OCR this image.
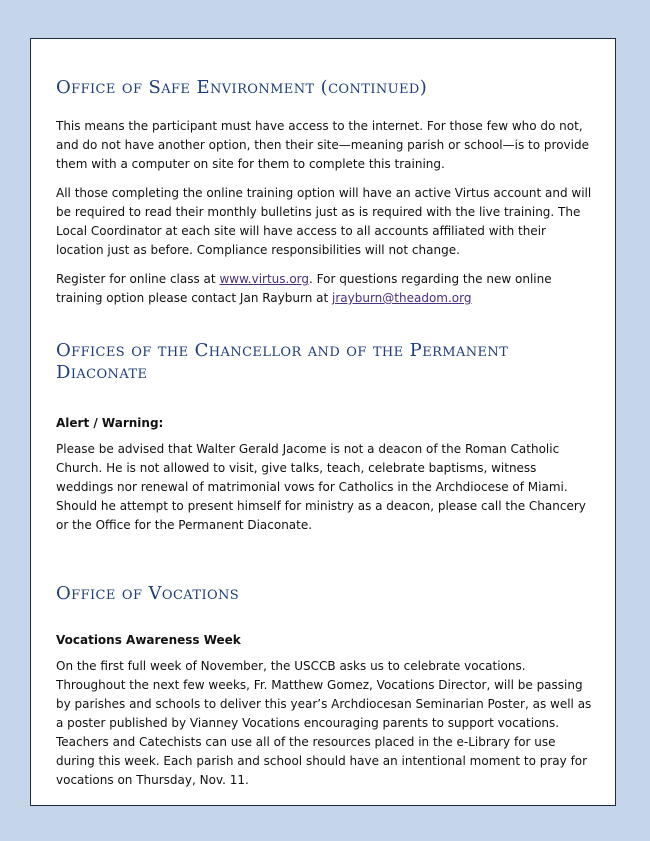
Office of Safe Environment (continued)

This means the participant must have access to the internet. For those few who do not, and do not have another option, then their site—meaning parish or school—is to provide them with a computer on site for them to complete this training.

All those completing the online training option will have an active Virtus account and will be required to read their monthly bulletins just as is required with the live training. The Local Coordinator at each site will have access to all accounts affiliated with their location just as before. Compliance responsibilities will not change.

Register for online class at www.virtus.org. For questions regarding the new online training option please contact Jan Rayburn at jrayburn@theadom.org

Offices of the Chancellor and of the Permanent Diaconate

Alert / Warning:

Please be advised that Walter Gerald Jacome is not a deacon of the Roman Catholic Church. He is not allowed to visit, give talks, teach, celebrate baptisms, witness weddings nor renewal of matrimonial vows for Catholics in the Archdiocese of Miami. Should he attempt to present himself for ministry as a deacon, please call the Chancery or the Office for the Permanent Diaconate.

Office of Vocations

Vocations Awareness Week

On the first full week of November, the USCCB asks us to celebrate vocations. Throughout the next few weeks, Fr. Matthew Gomez, Vocations Director, will be passing by parishes and schools to deliver this year’s Archdiocesan Seminarian Poster, as well as a poster published by Vianney Vocations encouraging parents to support vocations. Teachers and Catechists can use all of the resources placed in the e-Library for use during this week. Each parish and school should have an intentional moment to pray for vocations on Thursday, Nov. 11.
